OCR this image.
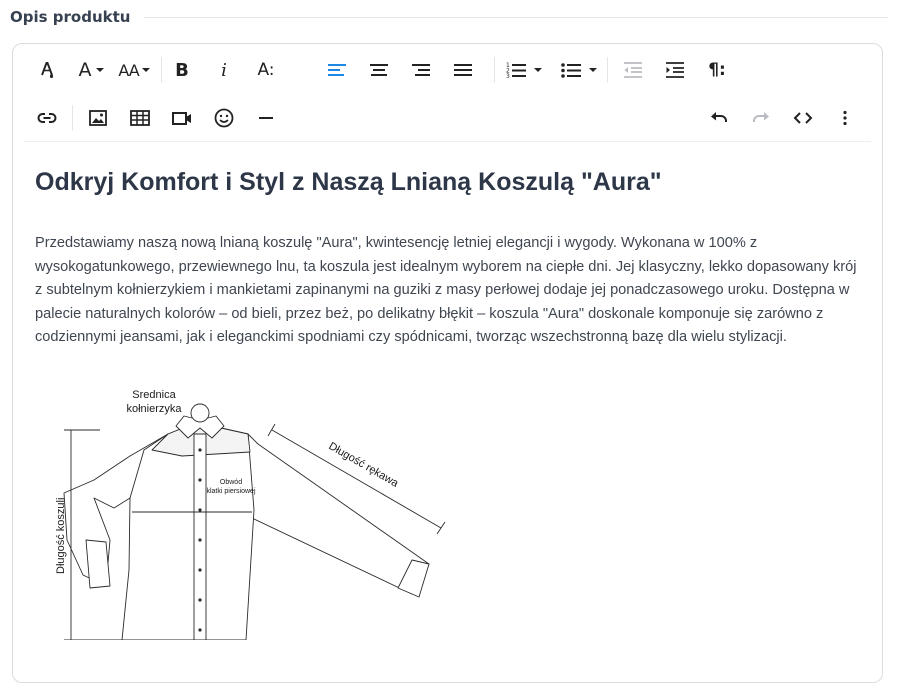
Opis produktu
A AA B i A:	1
2
3	¶:
Odkryj Komfort i Styl z Naszą Lnianą Koszulą "Aura"

Przedstawiamy naszą nową lnianą koszulę "Aura", kwintesencję letniej elegancji i wygody. Wykonana w 100% z wysokogatunkowego, przewiewnego lnu, ta koszula jest idealnym wyborem na ciepłe dni. Jej klasyczny, lekko dopasowany krój z subtelnym kołnierzykiem i mankietami zapinanymi na guziki z masy perłowej dodaje jej ponadczasowego uroku. Dostępna w palecie naturalnych kolorów – od bieli, przez beż, po delikatny błękit – koszula "Aura" doskonale komponuje się zarówno z codziennymi jeansami, jak i eleganckimi spodniami czy spódnicami, tworząc wszechstronną bazę dla wielu stylizacji.

Średnica
kołnierzyka
Długość rękawa
Obwód
klatki piersiowej
Długość koszuli
